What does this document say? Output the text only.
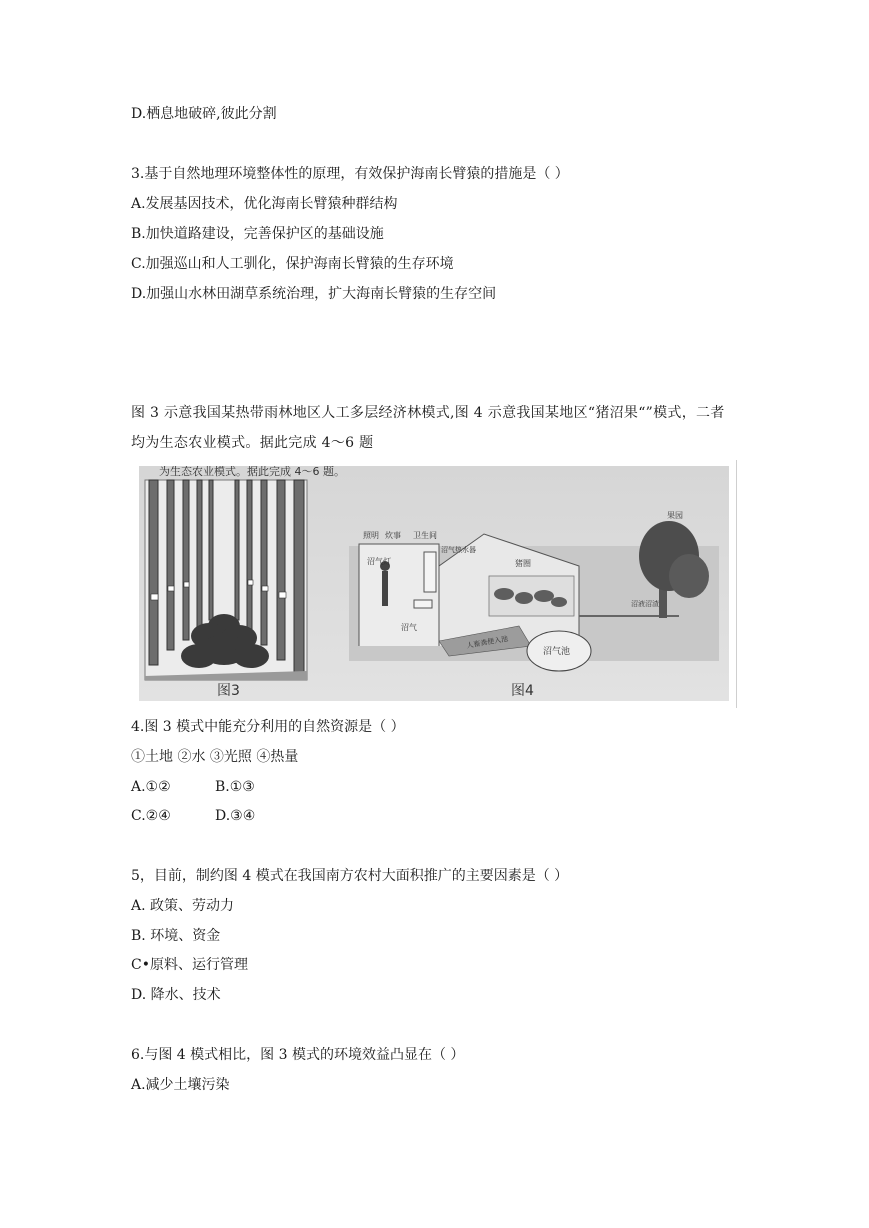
D.栖息地破碎,彼此分割
3.基于自然地理环境整体性的原理，有效保护海南长臂猿的措施是（ ）
A.发展基因技术，优化海南长臂猿种群结构
B.加快道路建设，完善保护区的基础设施
C.加强巡山和人工驯化，保护海南长臂猿的生存环境
D.加强山水林田湖草系统治理，扩大海南长臂猿的生存空间
图 3 示意我国某热带雨林地区人工多层经济林模式,图 4 示意我国某地区“猪沼果“”模式，二者 均为生态农业模式。据此完成 4～6 题
为生态农业模式。据此完成 4～6 题。
图3
照明 炊事 卫生间
沼气灯
沼气热水器
猪圈
果园
沼液沼渣
沼气
人畜粪便入池
沼气池
图4
4.图 3 模式中能充分利用的自然资源是（ ）
①土地 ②水 ③光照 ④热量
A.①②	B.①③
C.②④	D.③④
5，目前，制约图 4 模式在我国南方农村大面积推广的主要因素是（ ）
A. 政策、劳动力
B. 环境、资金
C•原料、运行管理
D. 降水、技术
6.与图 4 模式相比，图 3 模式的环境效益凸显在（ ）
A.减少土壤污染
